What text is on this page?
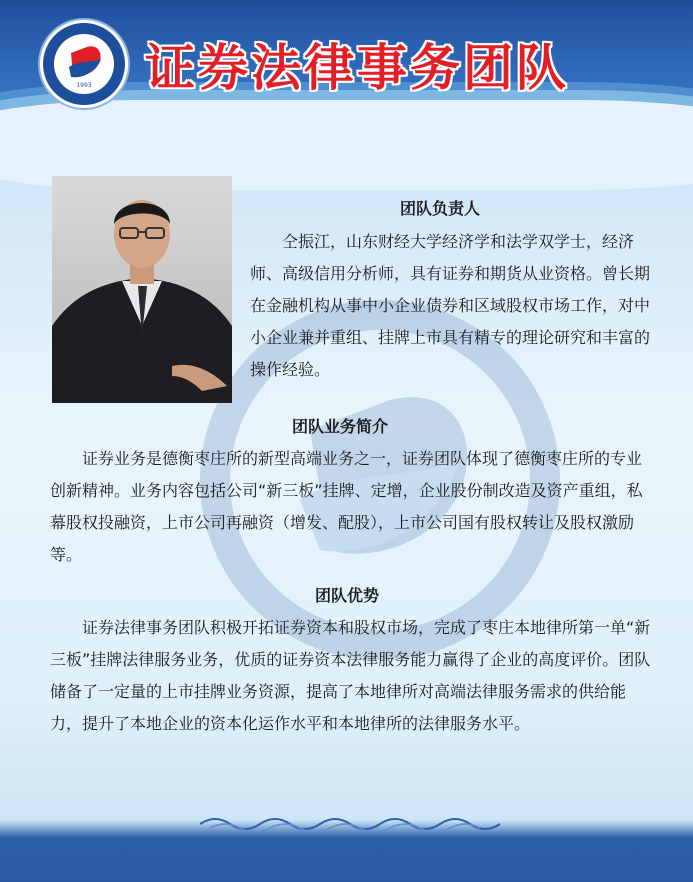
1993 证券法律事务团队
团队负责人

仝振江，山东财经大学经济学和法学双学士，经济师、高级信用分析师，具有证券和期货从业资格。曾长期在金融机构从事中小企业债券和区域股权市场工作，对中小企业兼并重组、挂牌上市具有精专的理论研究和丰富的操作经验。

团队业务简介

证券业务是德衡枣庄所的新型高端业务之一，证券团队体现了德衡枣庄所的专业创新精神。业务内容包括公司“新三板”挂牌、定增，企业股份制改造及资产重组，私幕股权投融资，上市公司再融资（增发、配股），上市公司国有股权转让及股权激励等。

团队优势

证券法律事务团队积极开拓证券资本和股权市场，完成了枣庄本地律所第一单“新三板”挂牌法律服务业务，优质的证券资本法律服务能力赢得了企业的高度评价。团队储备了一定量的上市挂牌业务资源，提高了本地律所对高端法律服务需求的供给能力，提升了本地企业的资本化运作水平和本地律所的法律服务水平。
